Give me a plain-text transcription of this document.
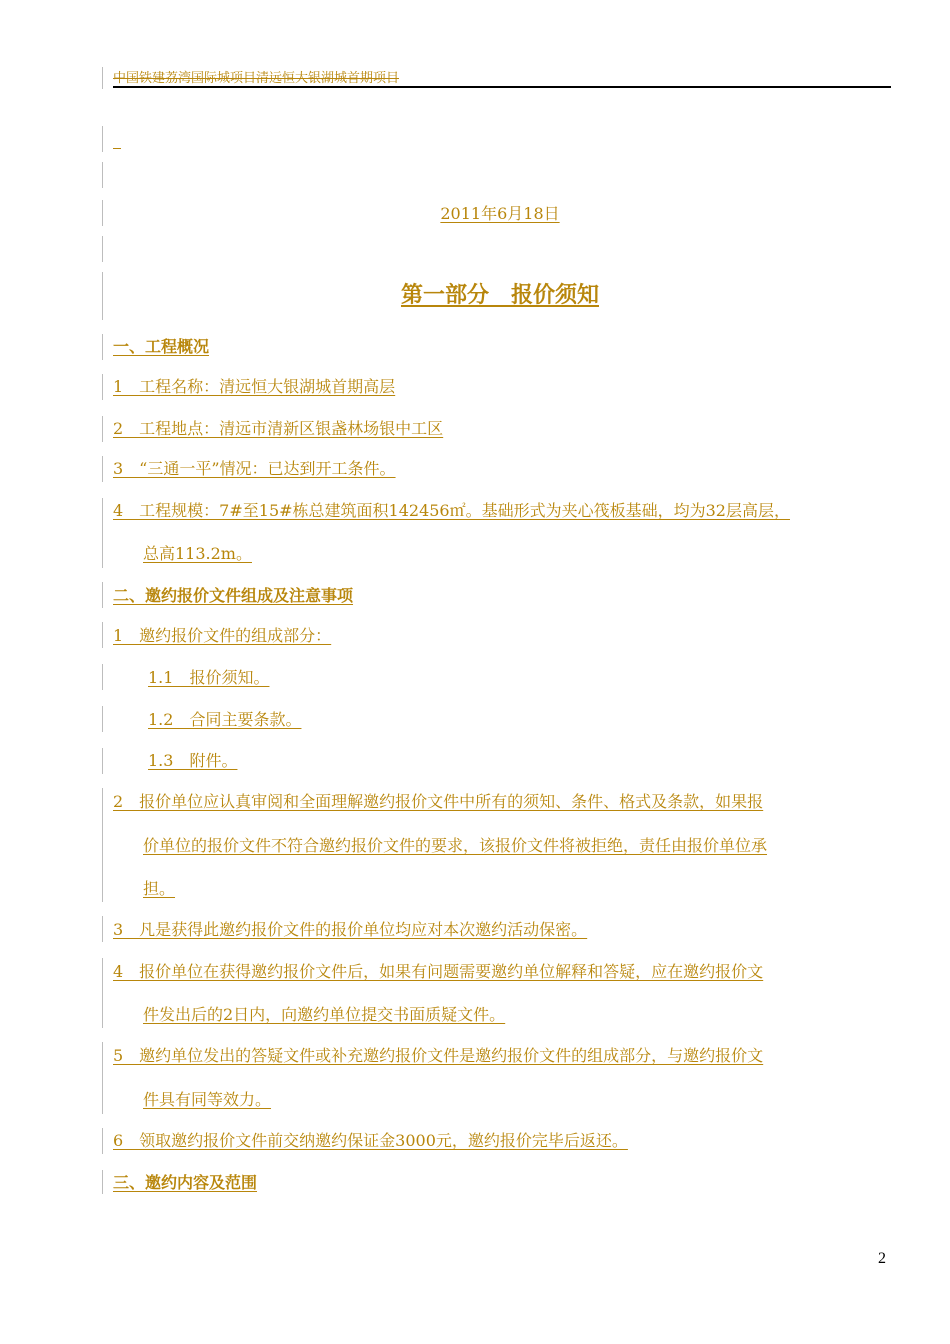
中国铁建荔湾国际城项目清远恒大银湖城首期项目
_
2011年6月18日
第一部分　报价须知
一、工程概况
1　工程名称：清远恒大银湖城首期高层
2　工程地点：清远市清新区银盏林场银中工区
3　“三通一平”情况：已达到开工条件。
4　工程规模：7#至15#栋总建筑面积142456㎡。基础形式为夹心筏板基础，均为32层高层，
总高113.2m。
二、邀约报价文件组成及注意事项
1　邀约报价文件的组成部分：
1.1　报价须知。
1.2　合同主要条款。
1.3　附件。
2　报价单位应认真审阅和全面理解邀约报价文件中所有的须知、条件、格式及条款，如果报
价单位的报价文件不符合邀约报价文件的要求，该报价文件将被拒绝，责任由报价单位承
担。
3　凡是获得此邀约报价文件的报价单位均应对本次邀约活动保密。
4　报价单位在获得邀约报价文件后，如果有问题需要邀约单位解释和答疑，应在邀约报价文
件发出后的2日内，向邀约单位提交书面质疑文件。
5　邀约单位发出的答疑文件或补充邀约报价文件是邀约报价文件的组成部分，与邀约报价文
件具有同等效力。
6　领取邀约报价文件前交纳邀约保证金3000元，邀约报价完毕后返还。
三、邀约内容及范围
2
